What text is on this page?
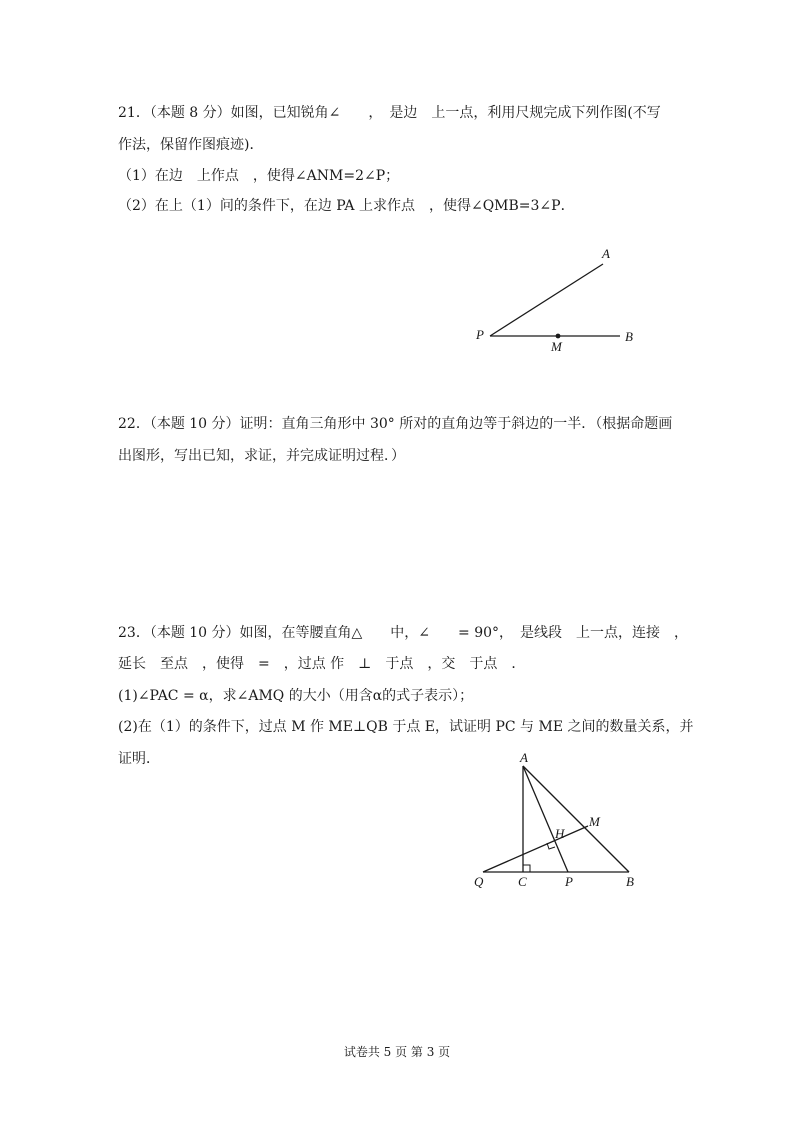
21．（本题 8 分）如图，已知锐角∠　　，　是边　上一点，利用尺规完成下列作图(不写
作法，保留作图痕迹)．
（1）在边　上作点　，使得∠ANM=2∠P；
（2）在上（1）问的条件下，在边 PA 上求作点　，使得∠QMB=3∠P．
A
P
M
B
A
H
M
Q	C	P	B
22．（本题 10 分）证明：直角三角形中 30° 所对的直角边等于斜边的一半．（根据命题画
出图形，写出已知，求证，并完成证明过程．）
23．（本题 10 分）如图，在等腰直角△　　中，∠　　= 90°，　是线段　上一点，连接　，
延长　至点　，使得　=　，过点 作　⊥　于点　，交　于点　．
(1)∠PAC = α，求∠AMQ 的大小（用含α的式子表示）；
(2)在（1）的条件下，过点 M 作 ME⊥QB 于点 E，试证明 PC 与 ME 之间的数量关系，并
证明．
试卷共 5 页 第 3 页
